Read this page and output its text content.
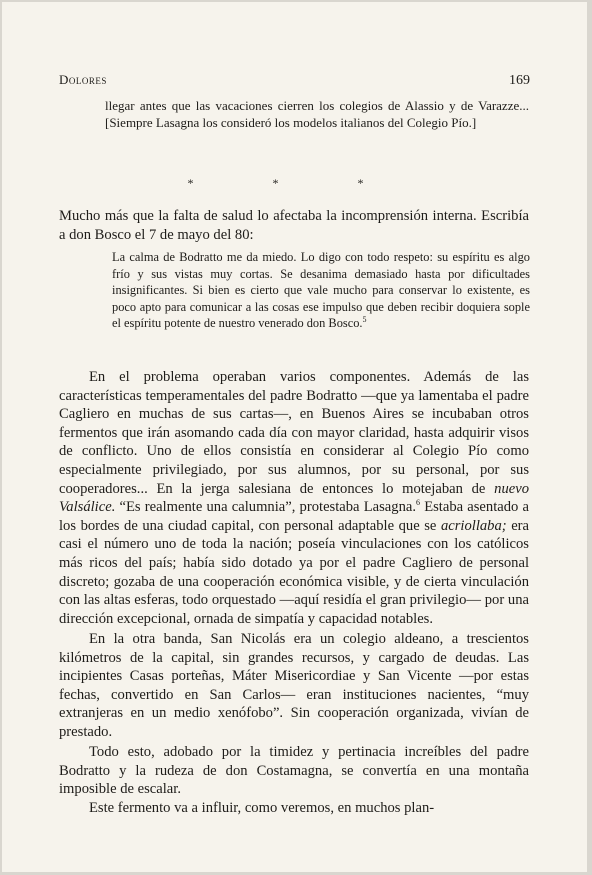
Dolores	169

llegar antes que las vacaciones cierren los colegios de Alassio y de Varazze... [Siempre Lasagna los consideró los modelos italianos del Colegio Pío.]

* * *

Mucho más que la falta de salud lo afectaba la incomprensión interna. Escribía a don Bosco el 7 de mayo del 80:

La calma de Bodratto me da miedo. Lo digo con todo respeto: su espíritu es algo frío y sus vistas muy cortas. Se desanima demasiado hasta por dificultades insignificantes. Si bien es cierto que vale mucho para conservar lo existente, es poco apto para comunicar a las cosas ese impulso que deben recibir doquiera sople el espíritu potente de nuestro venerado don Bosco.$^5$

En el problema operaban varios componentes. Además de las características temperamentales del padre Bodratto —que ya lamentaba el padre Cagliero en muchas de sus cartas—, en Buenos Aires se incubaban otros fermentos que irán asomando cada día con mayor claridad, hasta adquirir visos de conflicto. Uno de ellos consistía en considerar al Colegio Pío como especialmente privilegiado, por sus alumnos, por su personal, por sus cooperadores... En la jerga salesiana de entonces lo motejaban de nuevo Valsálice. “Es realmente una calumnia”, protestaba Lasagna.$^6$ Estaba asentado a los bordes de una ciudad capital, con personal adaptable que se acriollaba; era casi el número uno de toda la nación; poseía vinculaciones con los católicos más ricos del país; había sido dotado ya por el padre Cagliero de personal discreto; gozaba de una cooperación económica visible, y de cierta vinculación con las altas esferas, todo orquestado —aquí residía el gran privilegio— por una dirección excepcional, ornada de simpatía y capacidad notables.

En la otra banda, San Nicolás era un colegio aldeano, a trescientos kilómetros de la capital, sin grandes recursos, y cargado de deudas. Las incipientes Casas porteñas, Máter Misericordiae y San Vicente —por estas fechas, convertido en San Carlos— eran instituciones nacientes, “muy extranjeras en un medio xenófobo”. Sin cooperación organizada, vivían de prestado.

Todo esto, adobado por la timidez y pertinacia increíbles del padre Bodratto y la rudeza de don Costamagna, se convertía en una montaña imposible de escalar.

Este fermento va a influir, como veremos, en muchos plan-
